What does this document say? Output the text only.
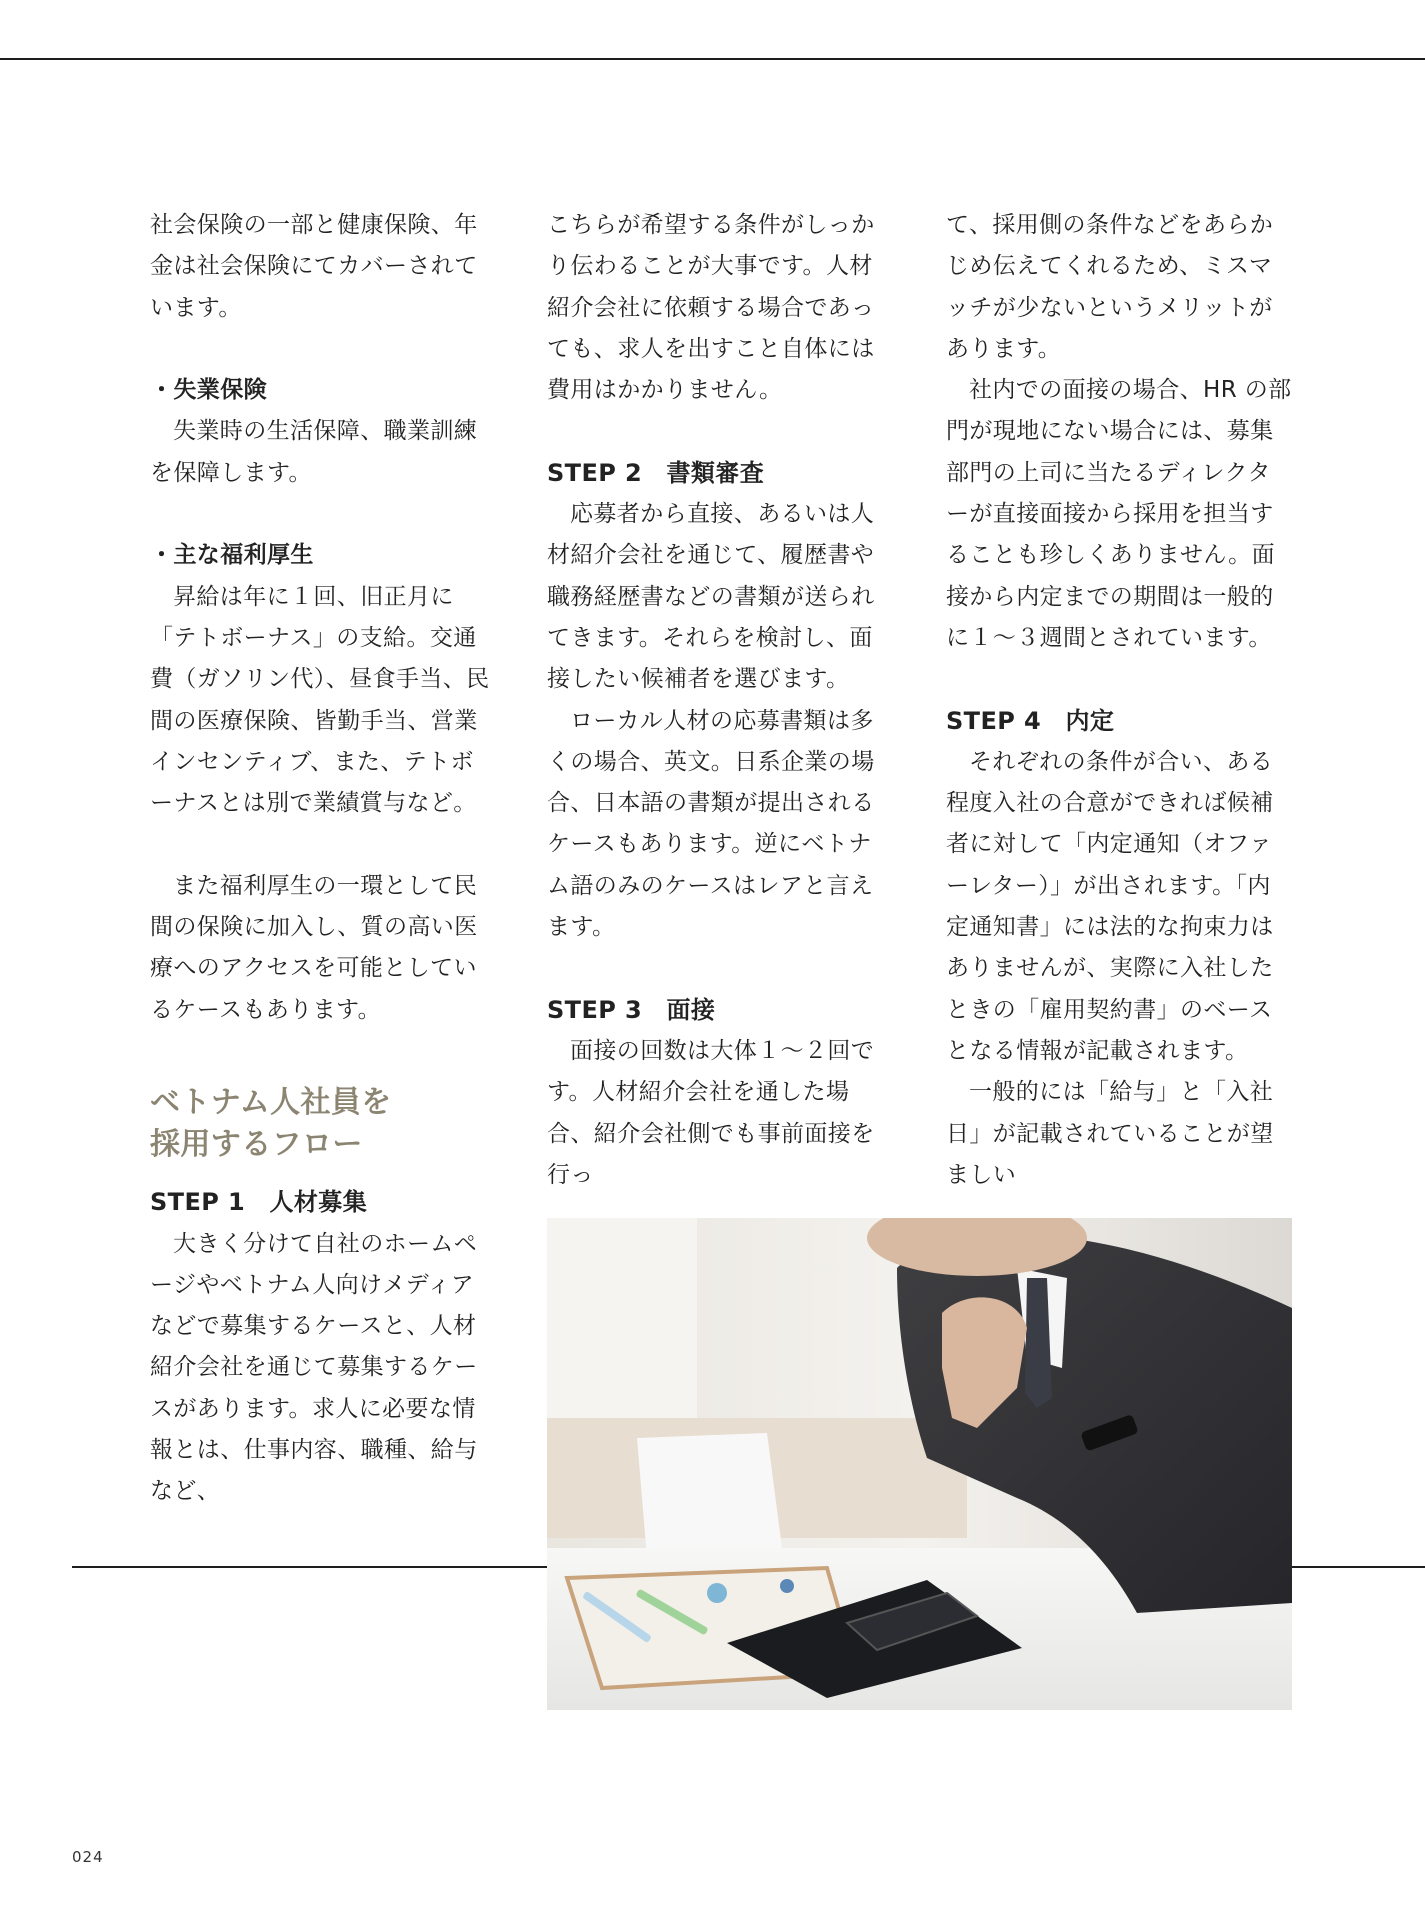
社会保険の一部と健康保険、年金は社会保険にてカバーされています。

・失業保険

失業時の生活保障、職業訓練を保障します。

・主な福利厚生

昇給は年に１回、旧正月に「テトボーナス」の支給。交通費（ガソリン代）、昼食手当、民間の医療保険、皆勤手当、営業インセンティブ、また、テトボーナスとは別で業績賞与など。

また福利厚生の一環として民間の保険に加入し、質の高い医療へのアクセスを可能としているケースもあります。

ベトナム人社員を
採用するフロー

STEP 1　人材募集

大きく分けて自社のホームページやベトナム人向けメディアなどで募集するケースと、人材紹介会社を通じて募集するケースがあります。求人に必要な情報とは、仕事内容、職種、給与など、

こちらが希望する条件がしっかり伝わることが大事です。人材紹介会社に依頼する場合であっても、求人を出すこと自体には費用はかかりません。

STEP 2　書類審査

応募者から直接、あるいは人材紹介会社を通じて、履歴書や職務経歴書などの書類が送られてきます。それらを検討し、面接したい候補者を選びます。

ローカル人材の応募書類は多くの場合、英文。日系企業の場合、日本語の書類が提出されるケースもあります。逆にベトナム語のみのケースはレアと言えます。

STEP 3　面接

面接の回数は大体１〜２回です。人材紹介会社を通した場合、紹介会社側でも事前面接を行っ

て、採用側の条件などをあらかじめ伝えてくれるため、ミスマッチが少ないというメリットがあります。

社内での面接の場合、HR の部門が現地にない場合には、募集部門の上司に当たるディレクターが直接面接から採用を担当することも珍しくありません。面接から内定までの期間は一般的に１〜３週間とされています。

STEP 4　内定

それぞれの条件が合い、ある程度入社の合意ができれば候補者に対して「内定通知（オファーレター）」が出されます。「内定通知書」には法的な拘束力はありませんが、実際に入社したときの「雇用契約書」のベースとなる情報が記載されます。

一般的には「給与」と「入社日」が記載されていることが望ましい

024
